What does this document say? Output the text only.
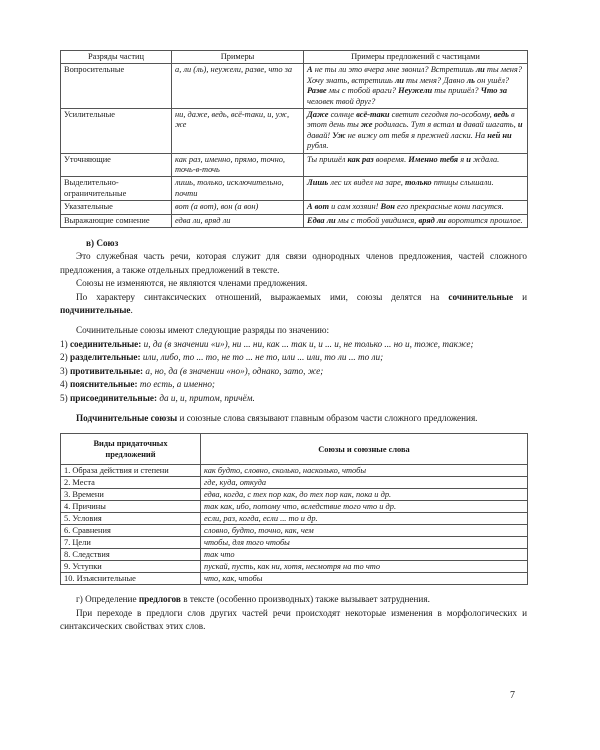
Разряды частиц	Примеры	Примеры предложений с частицами
Вопросительные	а, ли (ль), неужели, разве, что за	А не ты ли это вчера мне звонил? Встретишь ли ты меня? Хочу знать, встретишь ли ты меня? Давно ль он ушёл? Разве мы с тобой враги? Неужели ты пришёл? Что за человек твой друг?
Усилительные	ни, даже, ведь, всё-таки, и, уж, же	Даже солнце всё-таки светит сегодня по-особому, ведь в этот день ты же родилась. Тут я встал и давай шагать, и давай! Уж не вижу от тебя я прежней ласки. На ней ни рубля.
Уточняющие	как раз, именно, прямо, точно, точь-в-точь	Ты пришёл как раз вовремя. Именно тебя я и ждала.
Выделительно-ограничительные	лишь, только, исключительно, почти	Лишь лес их видел на заре, только птицы слышали.
Указательные	вот (а вот), вон (а вон)	А вот и сам хозяин! Вон его прекрасные кони пасутся.
Выражающие сомнение	едва ли, вряд ли	Едва ли мы с тобой увидимся, вряд ли воротится прошлое.
в) Союз

Это служебная часть речи, которая служит для связи однородных членов предложения, частей сложного предложения, а также отдельных предложений в тексте.

Союзы не изменяются, не являются членами предложения.

По характеру синтаксических отношений, выражаемых ими, союзы делятся на сочинительные и подчинительные.

Сочинительные союзы имеют следующие разряды по значению:

1) соединительные: и, да (в значении «и»), ни ... ни, как ... так и, и ... и, не только ... но и, тоже, также;

2) разделительные: или, либо, то ... то, не то ... не то, или ... или, то ли ... то ли;

3) противительные: а, но, да (в значении «но»), однако, зато, же;

4) пояснительные: то есть, а именно;

5) присоединительные: да и, и, притом, причём.

Подчинительные союзы и союзные слова связывают главным образом части сложного предложения.

Виды придаточных предложений	Союзы и союзные слова
1. Образа действия и степени	как будто, словно, сколько, насколько, чтобы
2. Места	где, куда, откуда
3. Времени	едва, когда, с тех пор как, до тех пор как, пока и др.
4. Причины	так как, ибо, потому что, вследствие того что и др.
5. Условия	если, раз, когда, если ... то и др.
6. Сравнения	словно, будто, точно, как, чем
7. Цели	чтобы, для того чтобы
8. Следствия	так что
9. Уступки	пускай, пусть, как ни, хотя, несмотря на то что
10. Изъяснительные	что, как, чтобы

г) Определение предлогов в тексте (особенно производных) также вызывает затруднения.

При переходе в предлоги слов других частей речи происходят некоторые изменения в морфологических и синтаксических свойствах этих слов.

7
